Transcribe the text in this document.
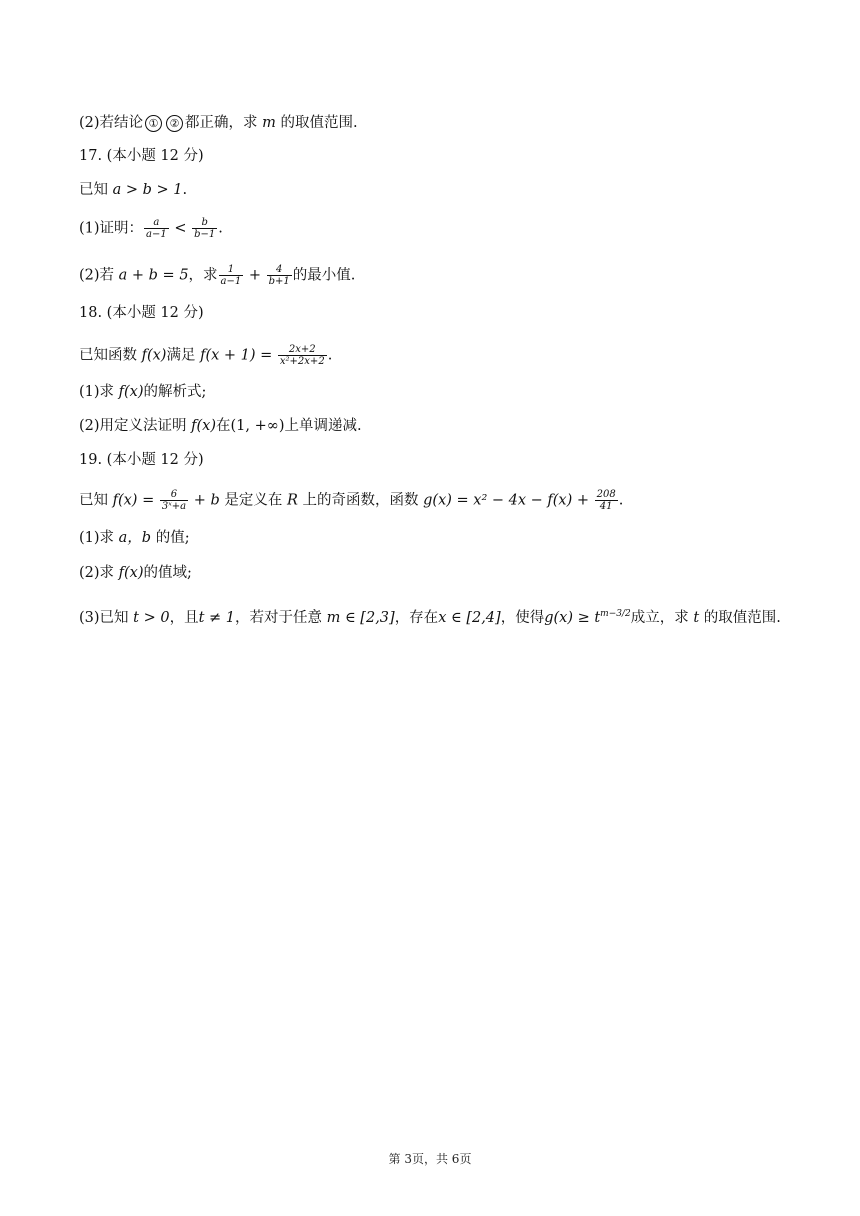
(2)若结论 ① ② 都正确，求 m 的取值范围.
17. (本小题 12 分)
已知 a > b > 1.
(1)证明： $\frac{a}{a-1} < \frac{b}{b-1}$ .
(2)若 a + b = 5，求 $\frac{1}{a-1} + \frac{4}{b+1}$ 的最小值.
18. (本小题 12 分)
已知函数 f(x)满足 $f(x + 1) = \frac{2x+2}{\text{x²+2x+2}}$ .
(1)求 f(x)的解析式;
(2)用定义法证明 f(x)在(1, +∞)上单调递减.
19. (本小题 12 分)
已知 $f(x) = \frac{6}{\text{3ˣ+a}} + b$ 是定义在 R 上的奇函数，函数 $g(x) = x^2 - 4x - f(x) + \frac{208}{41}$ .
(1)求 a，b 的值;
(2)求 f(x)的值域;
(3)已知 t > 0，且t ≠ 1，若对于任意 m ∈ [2,3]，存在x ∈ [2,4]，使得$g(x) \ge t^{m-3/2}$成立，求 t 的取值范围.
第 3页，共 6页
